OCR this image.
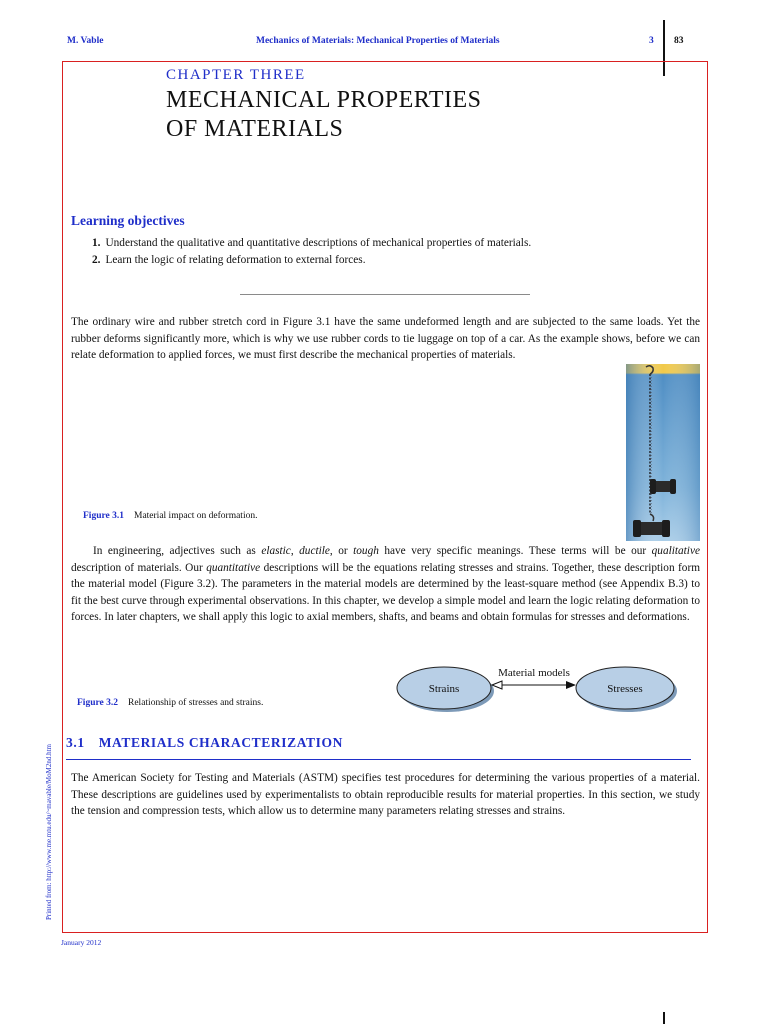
M. Vable	Mechanics of Materials: Mechanical Properties of Materials	3 83
CHAPTER THREE
MECHANICAL PROPERTIES
OF MATERIALS
Learning objectives
1. Understand the qualitative and quantitative descriptions of mechanical properties of materials.
2. Learn the logic of relating deformation to external forces.

The ordinary wire and rubber stretch cord in Figure 3.1 have the same undeformed length and are subjected to the same loads. Yet the rubber deforms significantly more, which is why we use rubber cords to tie luggage on top of a car. As the example shows, before we can relate deformation to applied forces, we must first describe the mechanical properties of materials.

Figure 3.1 Material impact on deformation.

In engineering, adjectives such as elastic, ductile, or tough have very specific meanings. These terms will be our qualitative description of materials. Our quantitative descriptions will be the equations relating stresses and strains. Together, these description form the material model (Figure 3.2). The parameters in the material models are determined by the least-square method (see Appendix B.3) to fit the best curve through experimental observations. In this chapter, we develop a simple model and learn the logic relating deformation to forces. In later chapters, we shall apply this logic to axial members, shafts, and beams and obtain formulas for stresses and deformations.

Strains	Stresses
Material models
Figure 3.2 Relationship of stresses and strains.
3.1 MATERIALS CHARACTERIZATION

The American Society for Testing and Materials (ASTM) specifies test procedures for determining the various properties of a material. These descriptions are guidelines used by experimentalists to obtain reproducible results for material properties. In this section, we study the tension and compression tests, which allow us to determine many parameters relating stresses and strains.

Printed from: http://www.me.mtu.edu/~mavable/MoM2nd.htm
January 2012
